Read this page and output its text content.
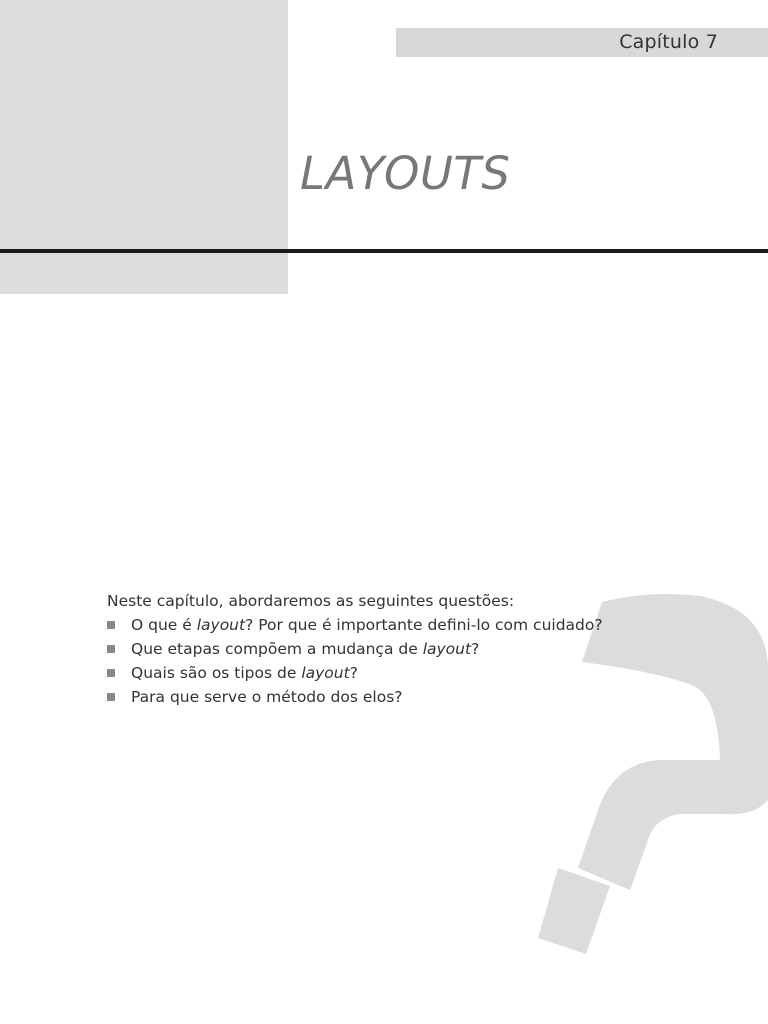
Capítulo 7
LAYOUTS

Neste capítulo, abordaremos as seguintes questões:

O que é layout? Por que é importante defini-lo com cuidado?
Que etapas compõem a mudança de layout?
Quais são os tipos de layout?
Para que serve o método dos elos?
